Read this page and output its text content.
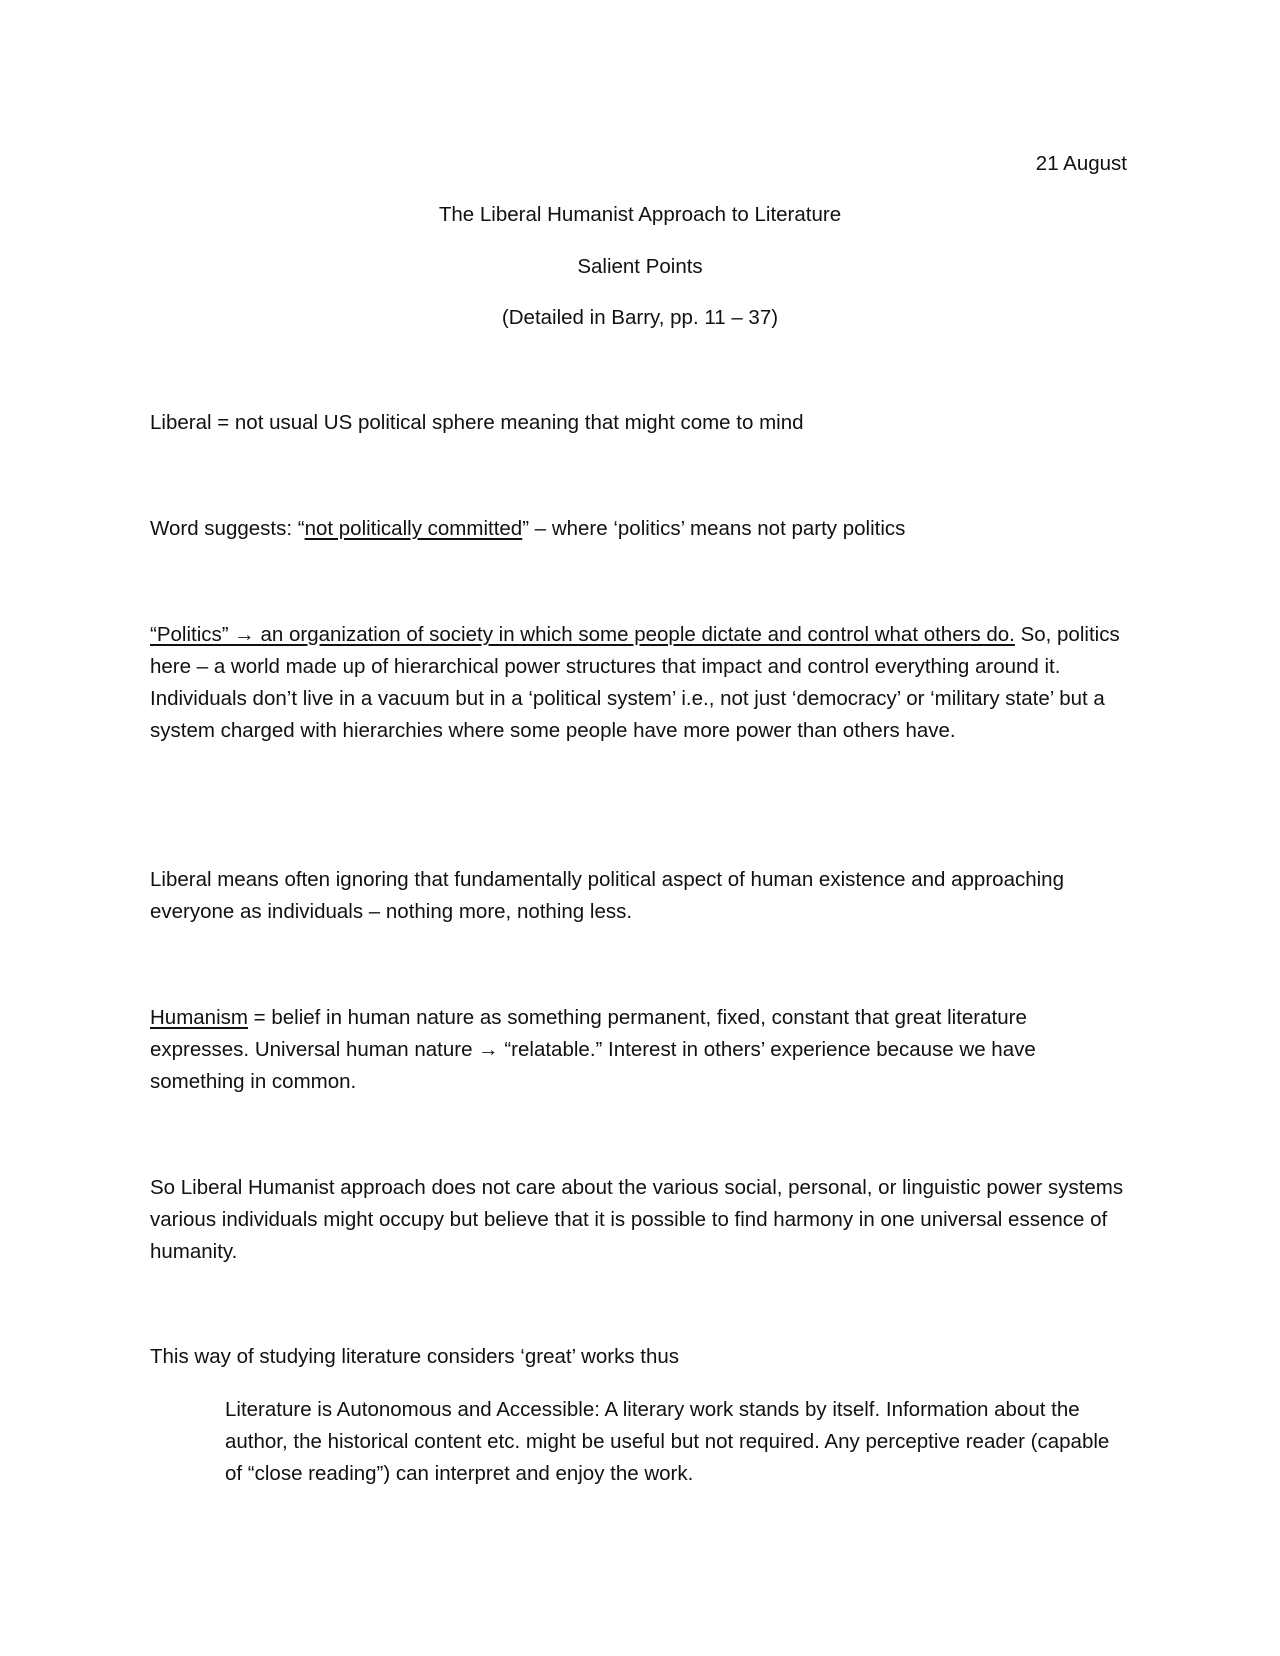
21 August
The Liberal Humanist Approach to Literature
Salient Points
(Detailed in Barry, pp. 11 – 37)

Liberal = not usual US political sphere meaning that might come to mind

Word suggests: “not politically committed” – where ‘politics’ means not party politics

“Politics” → an organization of society in which some people dictate and control what others do. So, politics here – a world made up of hierarchical power structures that impact and control everything around it. Individuals don’t live in a vacuum but in a ‘political system’ i.e., not just ‘democracy’ or ‘military state’ but a system charged with hierarchies where some people have more power than others have.

Liberal means often ignoring that fundamentally political aspect of human existence and approaching everyone as individuals – nothing more, nothing less.

Humanism = belief in human nature as something permanent, fixed, constant that great literature expresses. Universal human nature → “relatable.” Interest in others’ experience because we have something in common.

So Liberal Humanist approach does not care about the various social, personal, or linguistic power systems various individuals might occupy but believe that it is possible to find harmony in one universal essence of humanity.

This way of studying literature considers ‘great’ works thus

Literature is Autonomous and Accessible: A literary work stands by itself. Information about the author, the historical content etc. might be useful but not required. Any perceptive reader (capable of “close reading”) can interpret and enjoy the work.
